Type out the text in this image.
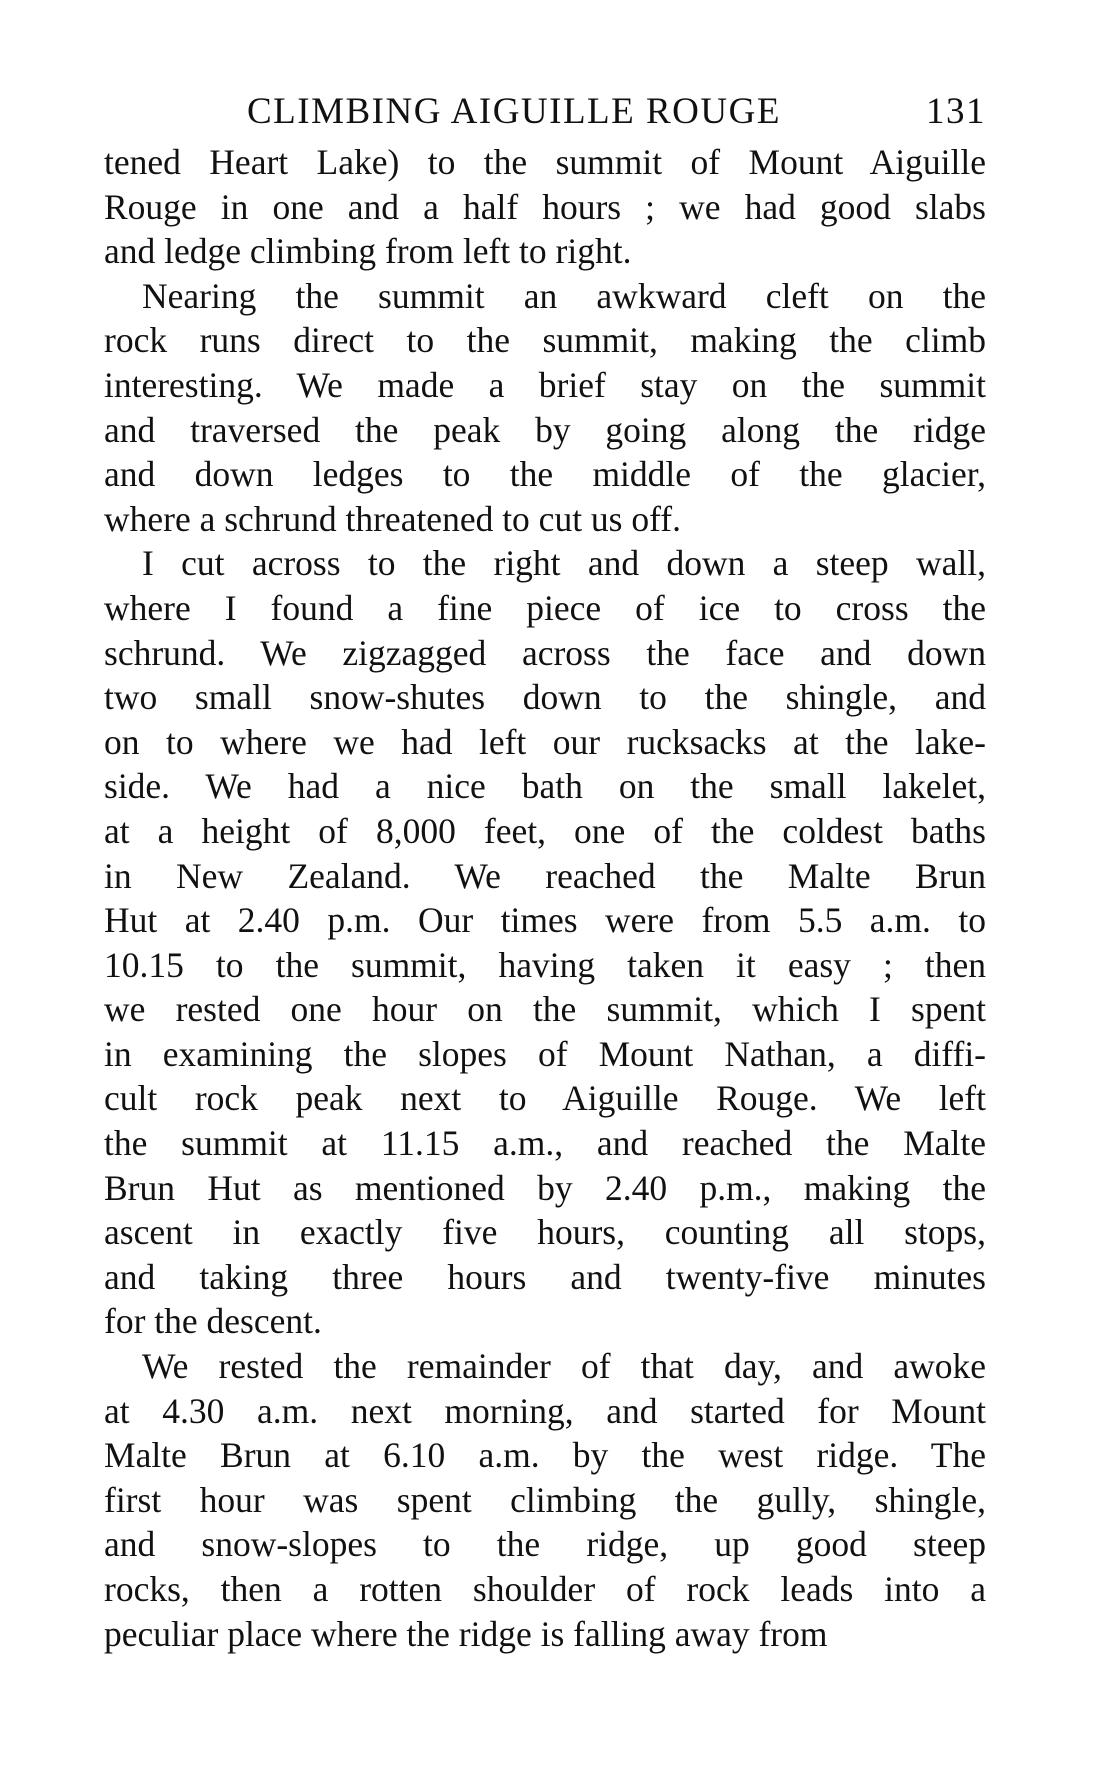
CLIMBING AIGUILLE ROUGE	131
tened Heart Lake) to the summit of Mount Aiguille
Rouge in one and a half hours ; we had good slabs
and ledge climbing from left to right.
Nearing the summit an awkward cleft on the
rock runs direct to the summit, making the climb
interesting. We made a brief stay on the summit
and traversed the peak by going along the ridge
and down ledges to the middle of the glacier,
where a schrund threatened to cut us off.
I cut across to the right and down a steep wall,
where I found a fine piece of ice to cross the
schrund. We zigzagged across the face and down
two small snow-shutes down to the shingle, and
on to where we had left our rucksacks at the lake-
side. We had a nice bath on the small lakelet,
at a height of 8,000 feet, one of the coldest baths
in New Zealand. We reached the Malte Brun
Hut at 2.40 p.m. Our times were from 5.5 a.m. to
10.15 to the summit, having taken it easy ; then
we rested one hour on the summit, which I spent
in examining the slopes of Mount Nathan, a diffi-
cult rock peak next to Aiguille Rouge. We left
the summit at 11.15 a.m., and reached the Malte
Brun Hut as mentioned by 2.40 p.m., making the
ascent in exactly five hours, counting all stops,
and taking three hours and twenty-five minutes
for the descent.
We rested the remainder of that day, and awoke
at 4.30 a.m. next morning, and started for Mount
Malte Brun at 6.10 a.m. by the west ridge. The
first hour was spent climbing the gully, shingle,
and snow-slopes to the ridge, up good steep
rocks, then a rotten shoulder of rock leads into a
peculiar place where the ridge is falling away from
